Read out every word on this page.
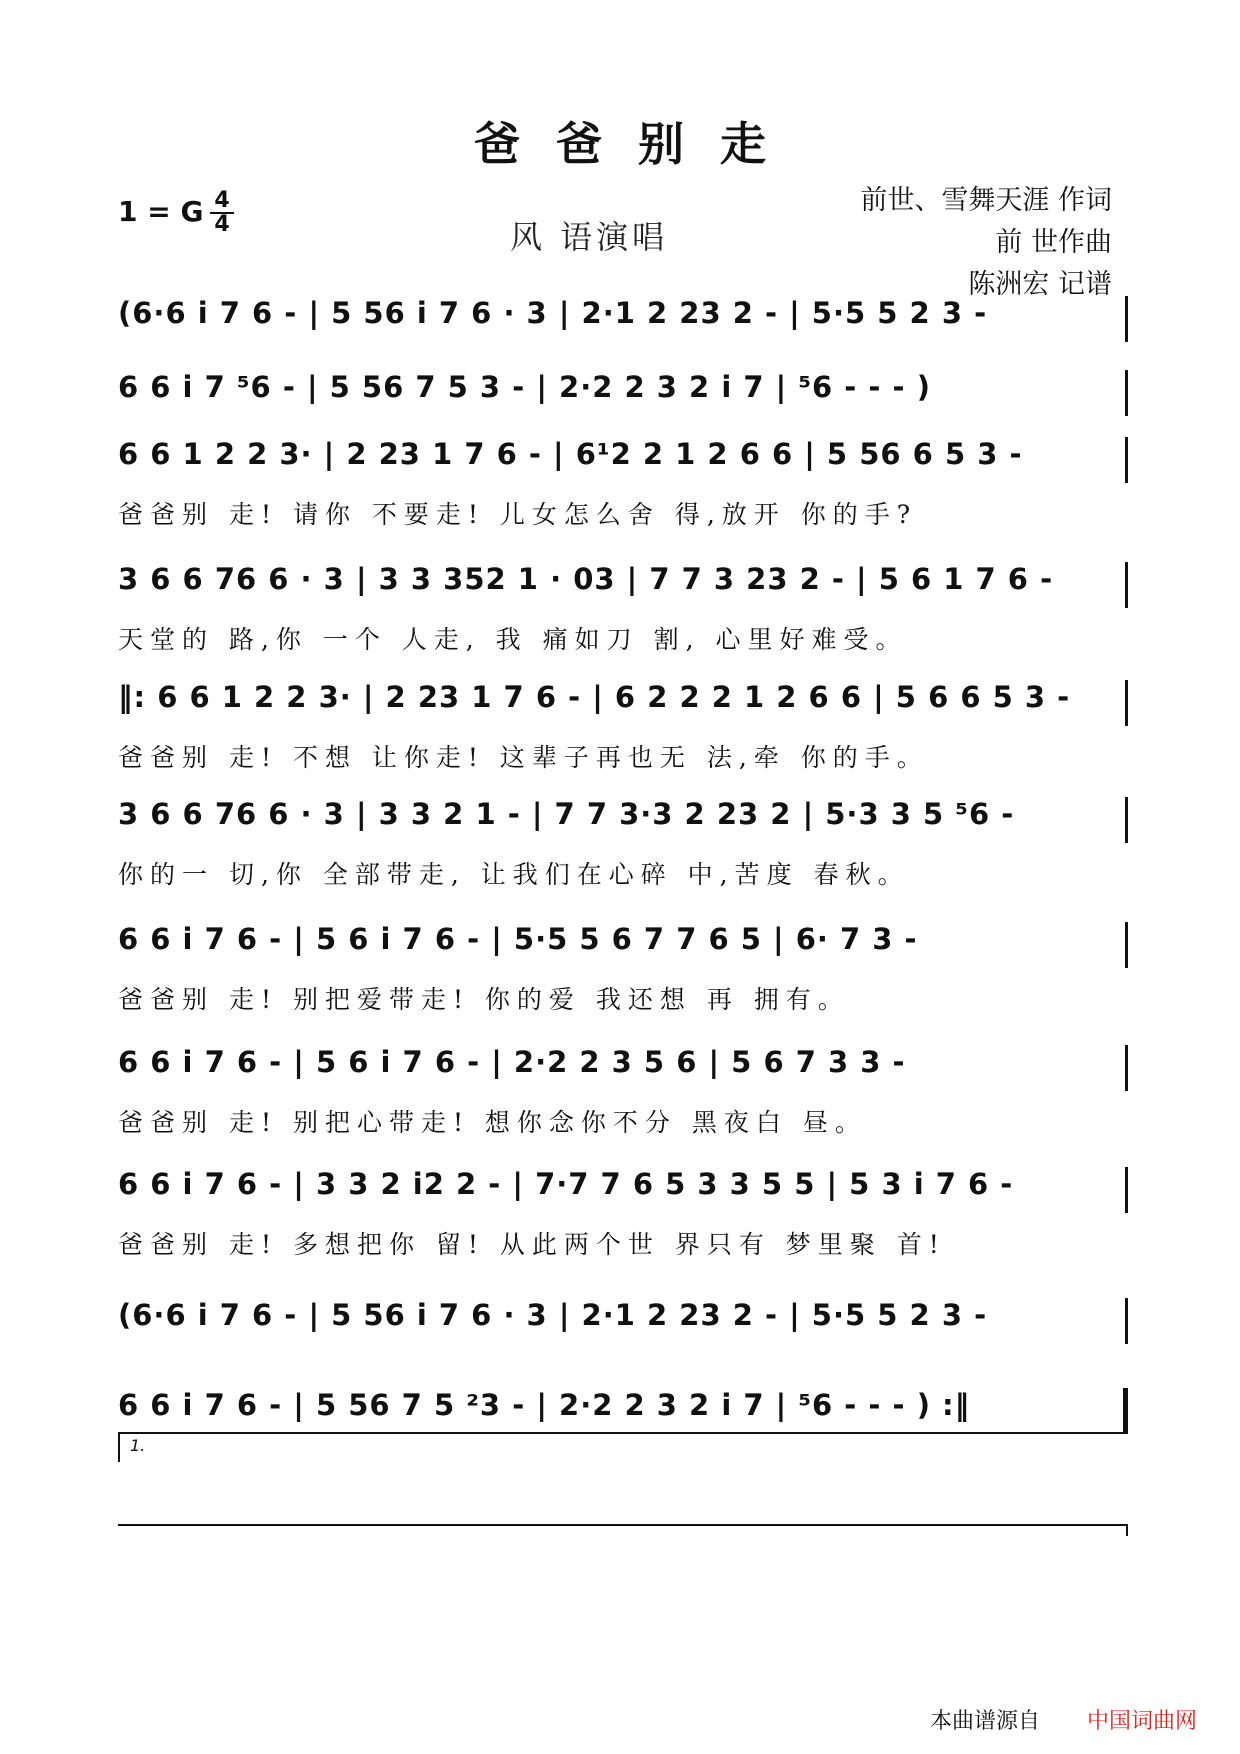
爸爸别走
1 = G 4
4	风 语演唱
前世、雪舞天涯 作词
前 世作曲
陈洲宏 记谱
(6·6 i 7 6 - | 5 56 i 7 6 · 3 | 2·1 2 23 2 - | 5·5 5 2 3 -
6 6 i 7 ⁵6 - | 5 56 7 5 3 - | 2·2 2 3 2 i 7 | ⁵6 - - - )
6 6 1 2 2 3· | 2 23 1 7 6 - | 6¹2 2 1 2 6 6 | 5 56 6 5 3 -
爸爸别 走! 请你 不要走! 儿女怎么舍 得,放开 你的手?
3 6 6 76 6 · 3 | 3 3 352 1 · 03 | 7 7 3 23 2 - | 5 6 1 7 6 -
天堂的 路,你 一个 人走, 我 痛如刀 割, 心里好难受。
‖: 6 6 1 2 2 3· | 2 23 1 7 6 - | 6 2 2 2 1 2 6 6 | 5 6 6 5 3 -
爸爸别 走! 不想 让你走! 这辈子再也无 法,牵 你的手。
3 6 6 76 6 · 3 | 3 3 2 1 - | 7 7 3·3 2 23 2 | 5·3 3 5 ⁵6 -
你的一 切,你 全部带走, 让我们在心碎 中,苦度 春秋。
6 6 i 7 6 - | 5 6 i 7 6 - | 5·5 5 6 7 7 6 5 | 6· 7 3 -
爸爸别 走! 别把爱带走! 你的爱 我还想 再 拥有。
6 6 i 7 6 - | 5 6 i 7 6 - | 2·2 2 3 5 6 | 5 6 7 3 3 -
爸爸别 走! 别把心带走! 想你念你不分 黑夜白 昼。
6 6 i 7 6 - | 3 3 2 i2 2 - | 7·7 7 6 5 3 3 5 5 | 5 3 i 7 6 -
爸爸别 走! 多想把你 留! 从此两个世 界只有 梦里聚 首!
1.
(6·6 i 7 6 - | 5 56 i 7 6 · 3 | 2·1 2 23 2 - | 5·5 5 2 3 -
6 6 i 7 6 - | 5 56 7 5 ²3 - | 2·2 2 3 2 i 7 | ⁵6 - - - ) :‖
本曲谱源自 中国词曲网
